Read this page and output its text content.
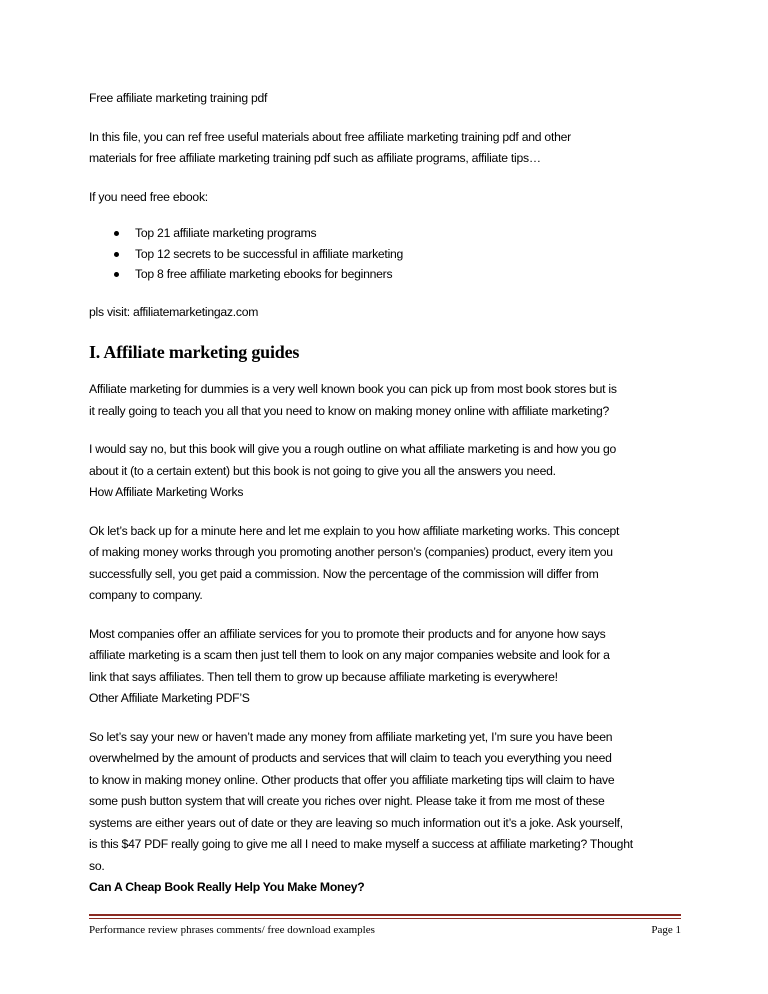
Free affiliate marketing training pdf

In this file, you can ref free useful materials about free affiliate marketing training pdf and other

materials for free affiliate marketing training pdf such as affiliate programs, affiliate tips…

If you need free ebook:

Top 21 affiliate marketing programs
Top 12 secrets to be successful in affiliate marketing
Top 8 free affiliate marketing ebooks for beginners

pls visit: affiliatemarketingaz.com

I. Affiliate marketing guides

Affiliate marketing for dummies is a very well known book you can pick up from most book stores but is

it really going to teach you all that you need to know on making money online with affiliate marketing?

I would say no, but this book will give you a rough outline on what affiliate marketing is and how you go

about it (to a certain extent) but this book is not going to give you all the answers you need.

How Affiliate Marketing Works

Ok let’s back up for a minute here and let me explain to you how affiliate marketing works. This concept

of making money works through you promoting another person’s (companies) product, every item you

successfully sell, you get paid a commission. Now the percentage of the commission will differ from

company to company.

Most companies offer an affiliate services for you to promote their products and for anyone how says

affiliate marketing is a scam then just tell them to look on any major companies website and look for a

link that says affiliates. Then tell them to grow up because affiliate marketing is everywhere!

Other Affiliate Marketing PDF’S

So let’s say your new or haven’t made any money from affiliate marketing yet, I’m sure you have been

overwhelmed by the amount of products and services that will claim to teach you everything you need

to know in making money online. Other products that offer you affiliate marketing tips will claim to have

some push button system that will create you riches over night. Please take it from me most of these

systems are either years out of date or they are leaving so much information out it’s a joke. Ask yourself,

is this $47 PDF really going to give me all I need to make myself a success at affiliate marketing? Thought

so.

Can A Cheap Book Really Help You Make Money?

Performance review phrases comments/ free download examples	Page 1
